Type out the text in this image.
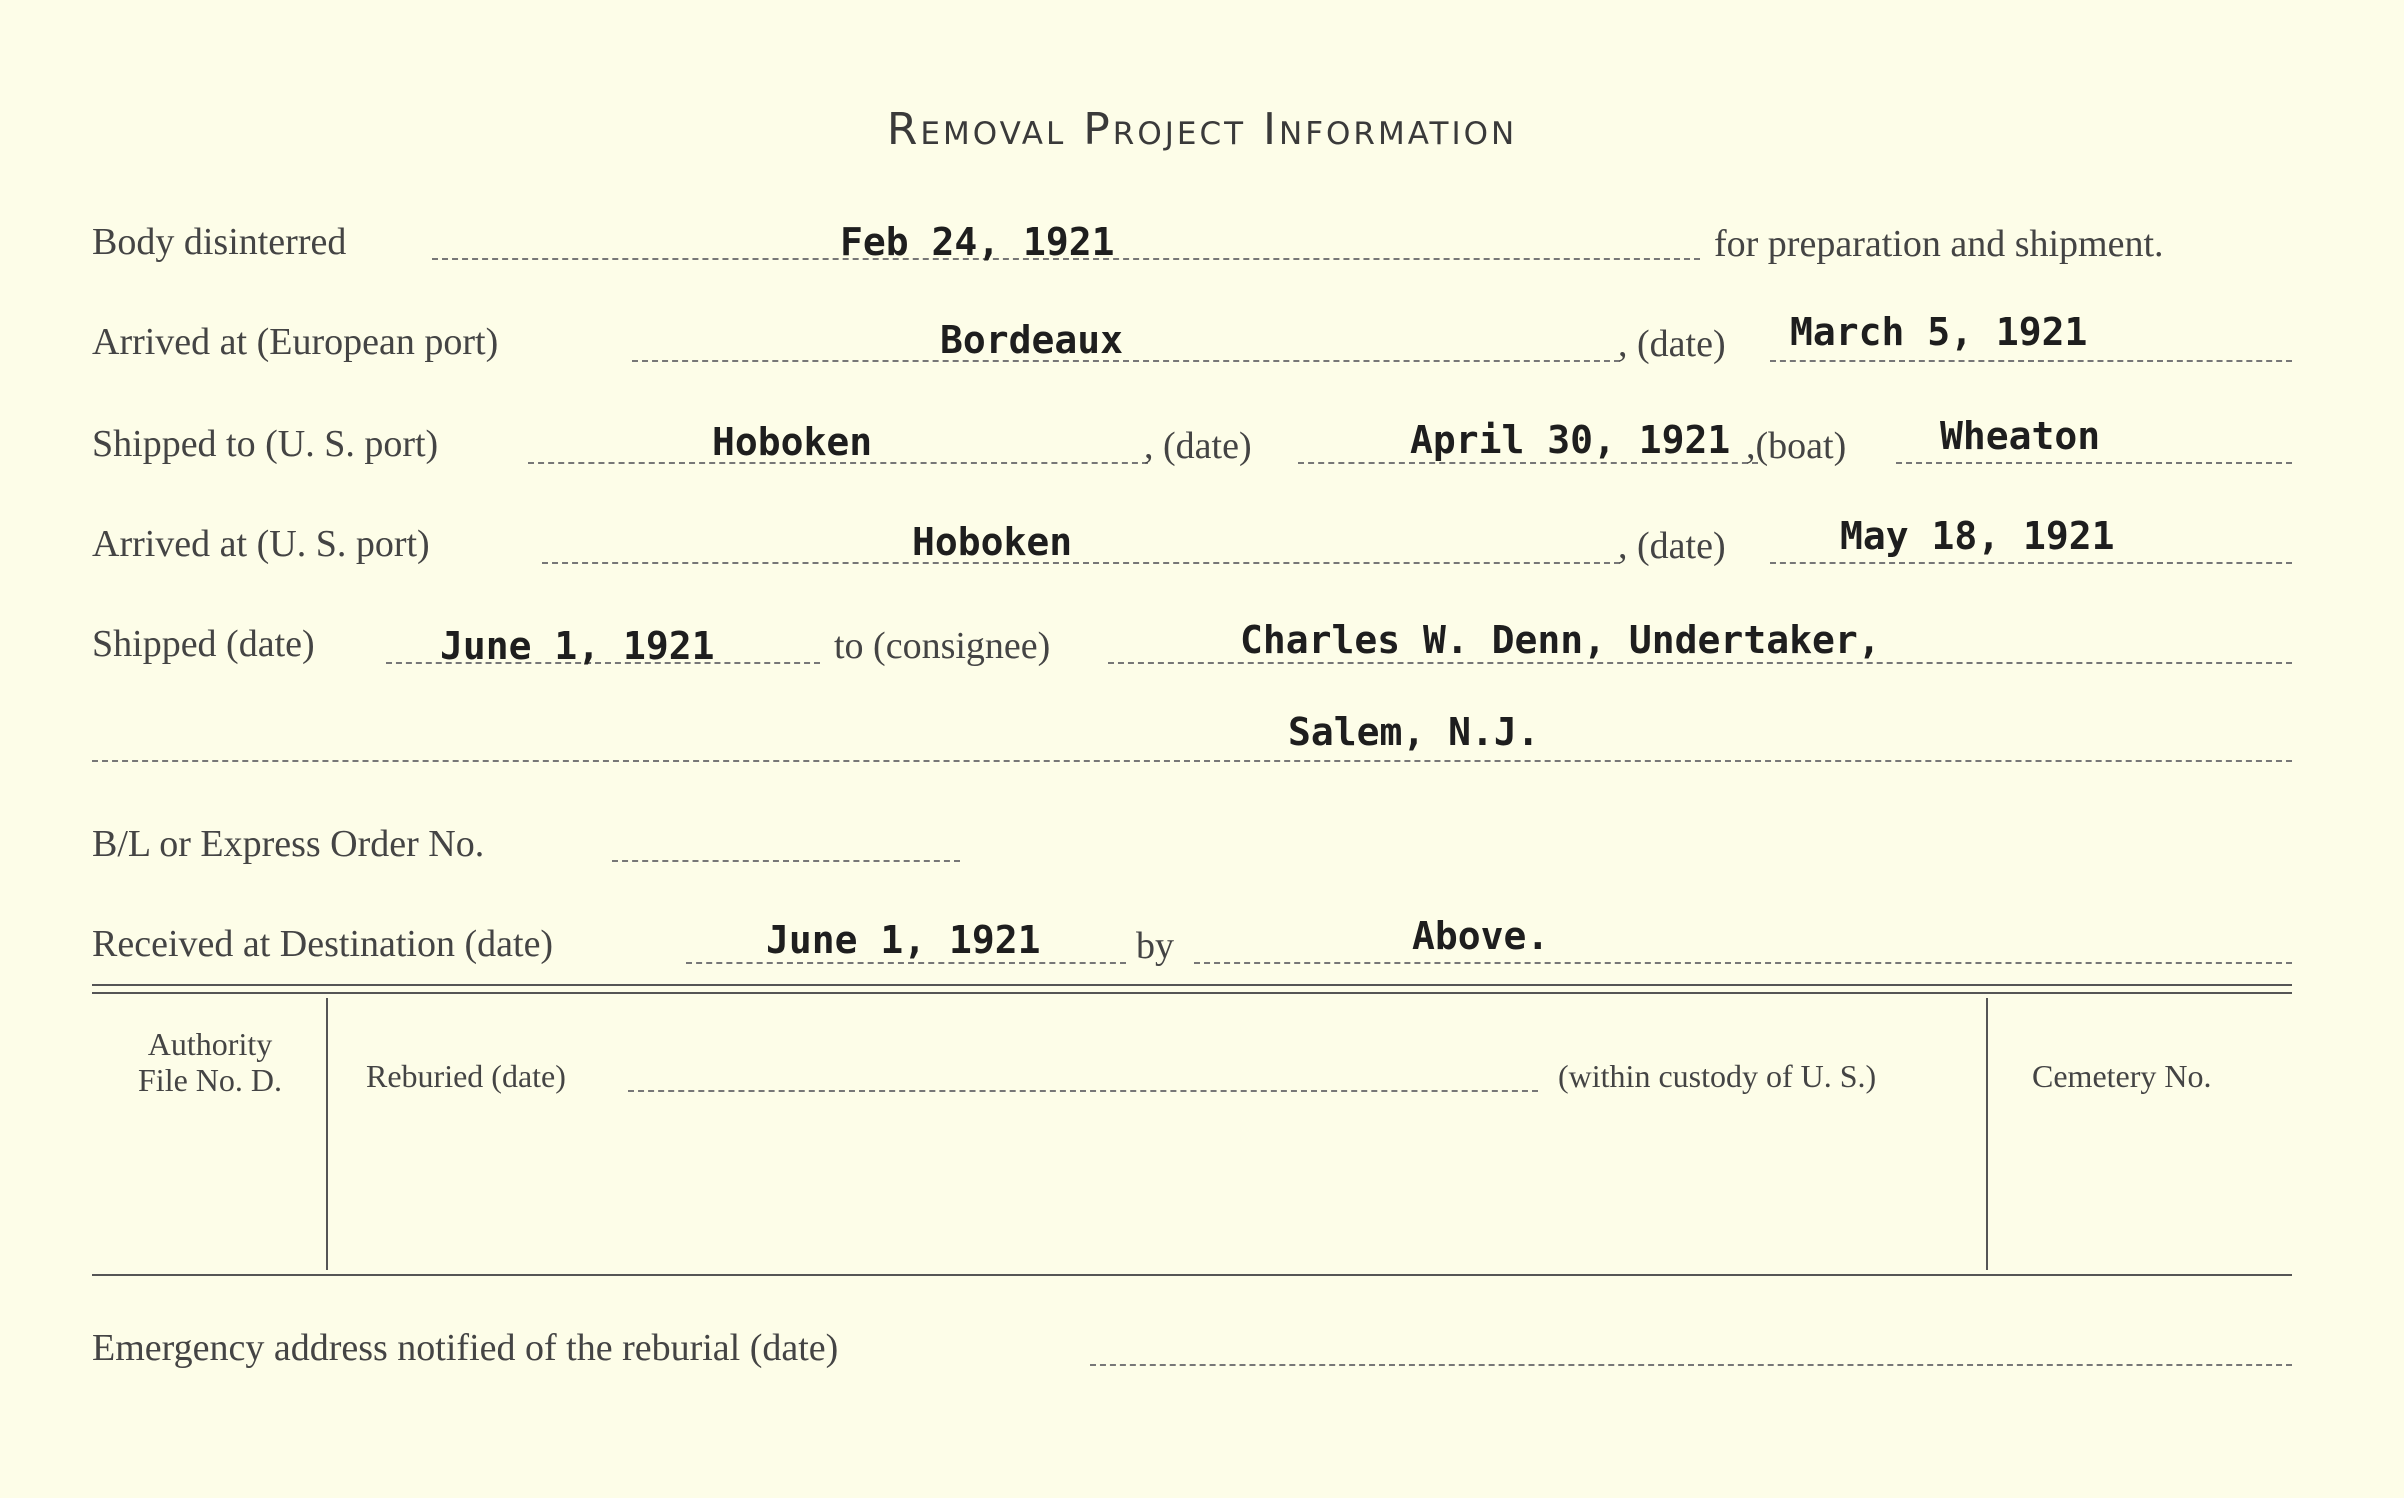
Removal Project Information
Body disinterred	Feb 24, 1921	for preparation and shipment.
Arrived at (European port)	Bordeaux	, (date) March 5, 1921
Shipped to (U. S. port)	Hoboken	, (date)	April 30, 1921 ,(boat) Wheaton
Arrived at (U. S. port)	Hoboken	, (date)	May 18, 1921
Shipped (date)	June 1, 1921	to (consignee)	Charles W. Denn, Undertaker,
Salem, N.J.
B/L or Express Order No.
Received at Destination (date)	June 1, 1921	by	Above.
Authority
File No. D.	Reburied (date)	(within custody of U. S.)	Cemetery No.
Emergency address notified of the reburial (date)
